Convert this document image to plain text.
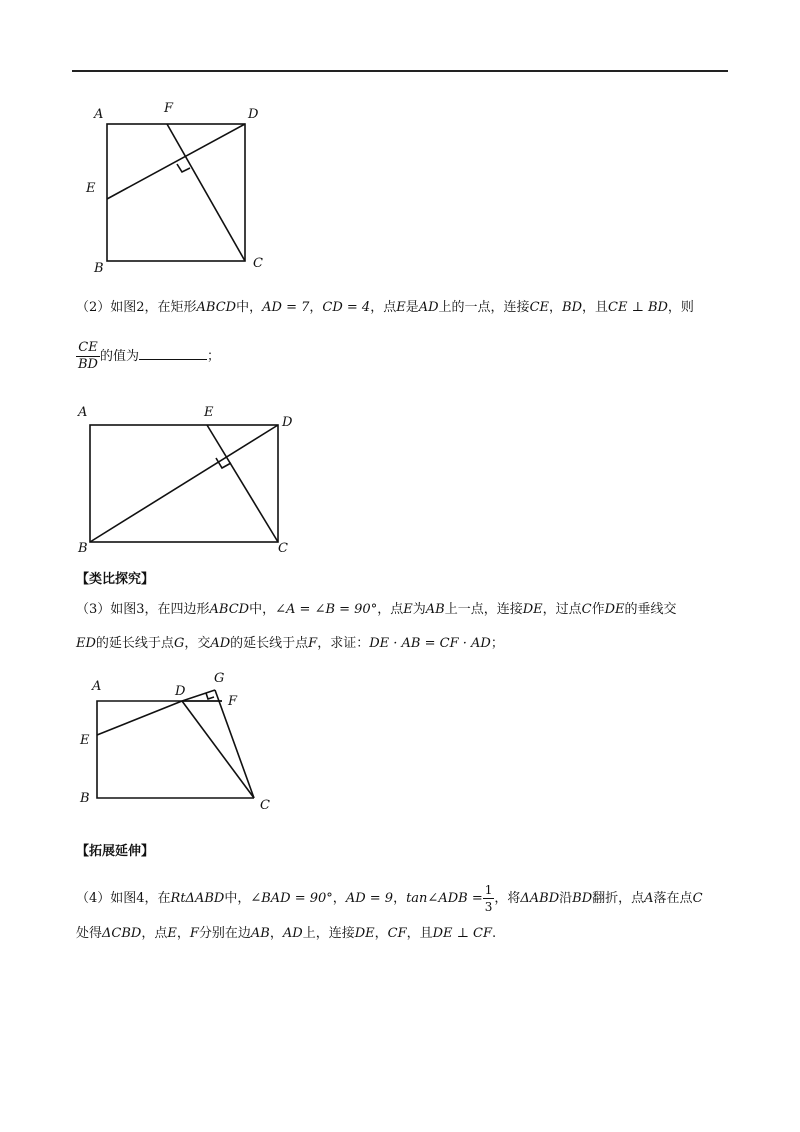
A	F	D
E
B	C
（2）如图2，在矩形ABCD中，AD = 7，CD = 4，点E是AD上的一点，连接CE，BD，且CE ⊥ BD，则
$\frac{CE}{BD}$ 的值为	；
A	E
D
B	C
【类比探究】
（3）如图3，在四边形ABCD中，∠A = ∠B = 90°，点E为AB上一点，连接DE，过点C作DE的垂线交
ED的延长线于点G，交AD的延长线于点F，求证：DE · AB = CF · AD；
A	D
G
F
E
B	C
【拓展延伸】
（4）如图4，在RtΔABD中，∠BAD = 90°，AD = 9，tan∠ADB = $\frac{1}{3}$ ，将ΔABD沿BD翻折，点A落在点C
处得ΔCBD，点E，F分别在边AB，AD上，连接DE，CF，且DE ⊥ CF.
